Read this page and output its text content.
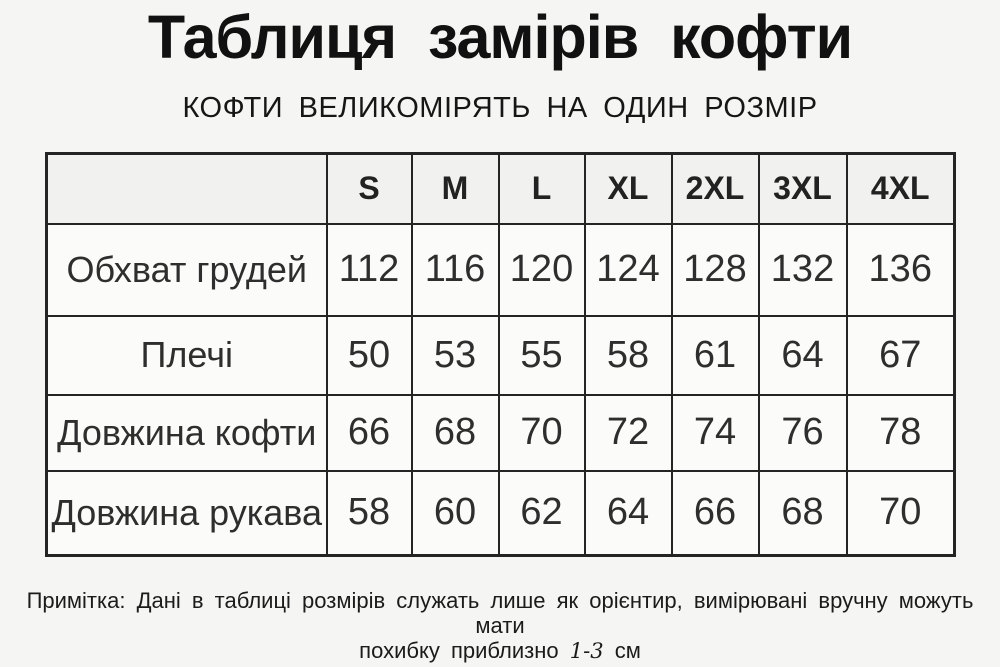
Таблиця замірів кофти
КОФТИ ВЕЛИКОМІРЯТЬ НА ОДИН РОЗМІР
	S	M	L	XL	2XL	3XL	4XL
Обхват грудей	112	116	120	124	128	132	136
Плечі	50	53	55	58	61	64	67
Довжина кофти	66	68	70	72	74	76	78
Довжина рукава	58	60	62	64	66	68	70
Примітка: Дані в таблиці розмірів служать лише як орієнтир, вимірювані вручну можуть мати
похибку приблизно 1-3 см
